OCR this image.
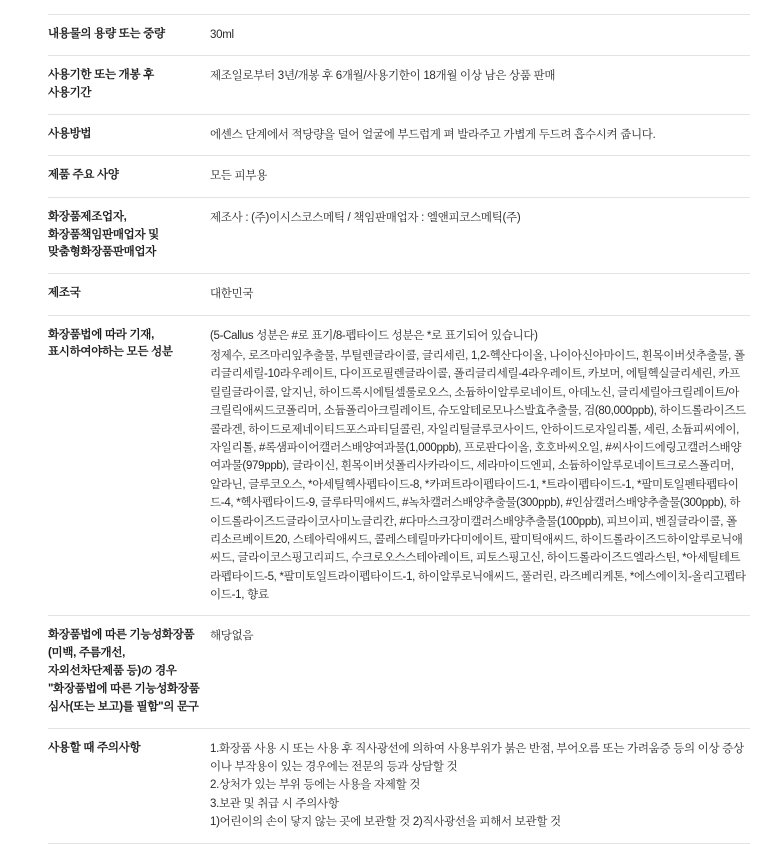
내용물의 용량 또는 중량	30ml

사용기한 또는 개봉 후 사용기간	제조일로부터 3년/개봉 후 6개월/사용기한이 18개월 이상 남은 상품 판매

사용방법	에센스 단계에서 적당량을 덜어 얼굴에 부드럽게 펴 발라주고 가볍게 두드려 흡수시켜 줍니다.

제품 주요 사양	모든 피부용

화장품제조업자, 화장품책임판매업자 및 맞춤형화장품판매업자	제조사 : (주)이시스코스메틱 / 책임판매업자 : 엘앤피코스메틱(주)

제조국	대한민국

화장품법에 따라 기재, 표시하여야하는 모든 성분	(5-Callus 성분은 #로 표기/8-펩타이드 성분은 *로 표기되어 있습니다)
정제수, 로즈마리잎추출물, 부틸렌글라이콜, 글리세린, 1,2-헥산다이올, 나이아신아마이드, 흰목이버섯추출물, 폴리글리세릴-10라우레이트, 다이프로필렌글라이콜, 폴리글리세릴-4라우레이트, 카보머, 에틸헥실글리세린, 카프릴릴글라이콜, 알지닌, 하이드록시에틸셀룰로오스, 소듐하이알루로네이트, 아데노신, 글리세릴아크릴레이트/아크릴릭애씨드코폴리머, 소듐폴리아크릴레이트, 슈도알테로모나스발효추출물, 검(80,000ppb), 하이드롤라이즈드콜라겐, 하이드로제네이티드포스파티딜콜린, 자일리틸글루코사이드, 안하이드로자일리톨, 세린, 소듐피씨에이, 자일리톨, #록샘파이어캘러스배양여과물(1,000ppb), 프로판다이올, 호호바씨오일, #씨사이드에링고캘러스배양여과물(979ppb), 글라이신, 흰목이버섯폴리사카라이드, 세라마이드엔피, 소듐하이알루로네이트크로스폴리머, 알라닌, 글루코오스, *아세틸헥사펩타이드-8, *카퍼트라이펩타이드-1, *트라이펩타이드-1, *팔미토일펜타펩타이드-4, *헥사펩타이드-9, 글루타믹애씨드, #녹차캘러스배양추출물(300ppb), #인삼캘러스배양추출물(300ppb), 하이드롤라이즈드글라이코사미노글리칸, #다마스크장미캘러스배양추출물(100ppb), 피브이피, 벤질글라이콜, 폴리소르베이트20, 스테아릭애씨드, 콜레스테릴마카다미에이트, 팔미틱애씨드, 하이드롤라이즈드하이알루로닉애씨드, 글라이코스핑고리피드, 수크로오스스테아레이트, 피토스핑고신, 하이드롤라이즈드엘라스틴, *아세틸테트라펩타이드-5, *팔미토일트라이펩타이드-1, 하이알루로닉애씨드, 풀러린, 라즈베리케톤, *에스에이치-올리고펩타이드-1, 향료
화장품법에 따른 기능성화장품 (미백, 주름개선, 자외선차단제품 등)の 경우 "화장품법에 따른 기능성화장품 심사(또는 보고)를 필함"의 문구	해당없음

사용할 때 주의사항	1.화장품 사용 시 또는 사용 후 직사광선에 의하여 사용부위가 붉은 반점, 부어오름 또는 가려움증 등의 이상 증상이나 부작용이 있는 경우에는 전문의 등과 상담할 것
2.상처가 있는 부위 등에는 사용을 자제할 것
3.보관 및 취급 시 주의사항
1)어린이의 손이 닿지 않는 곳에 보관할 것 2)직사광선을 피해서 보관할 것
